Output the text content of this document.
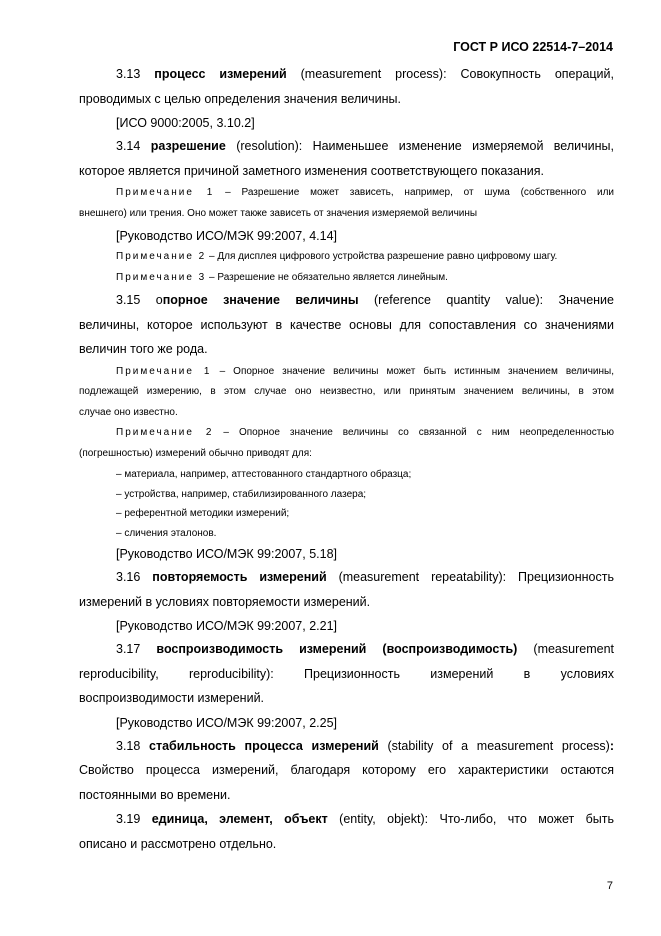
ГОСТ Р ИСО 22514-7–2014
3.13 процесс измерений (measurement process): Совокупность операций,
проводимых с целью определения значения величины.
[ИСО 9000:2005, 3.10.2]
3.14 разрешение (resolution): Наименьшее изменение измеряемой величины,
которое является причиной заметного изменения соответствующего показания.
Примечание 1 – Разрешение может зависеть, например, от шума (собственного или
внешнего) или трения. Оно может также зависеть от значения измеряемой величины
[Руководство ИСО/МЭК 99:2007, 4.14]
Примечание 2 – Для дисплея цифрового устройства разрешение равно цифровому шагу.
Примечание 3 – Разрешение не обязательно является линейным.
3.15 опорное значение величины (reference quantity value): Значение
величины, которое используют в качестве основы для сопоставления со значениями
величин того же рода.
Примечание 1 – Опорное значение величины может быть истинным значением величины,
подлежащей измерению, в этом случае оно неизвестно, или принятым значением величины, в этом
случае оно известно.
Примечание 2 – Опорное значение величины со связанной с ним неопределенностью
(погрешностью) измерений обычно приводят для:
– материала, например, аттестованного стандартного образца;
– устройства, например, стабилизированного лазера;
– референтной методики измерений;
– сличения эталонов.
[Руководство ИСО/МЭК 99:2007, 5.18]
3.16 повторяемость измерений (measurement repeatability): Прецизионность
измерений в условиях повторяемости измерений.
[Руководство ИСО/МЭК 99:2007, 2.21]
3.17 воспроизводимость измерений (воспроизводимость) (measurement
reproducibility,        reproducibility):        Прецизионность        измерений        в        условиях
воспроизводимости измерений.
[Руководство ИСО/МЭК 99:2007, 2.25]
3.18 стабильность процесса измерений (stability of a measurement process):
Свойство процесса измерений, благодаря которому его характеристики остаются
постоянными во времени.
3.19 единица, элемент, объект (entity, objekt): Что-либо, что может быть
описано и рассмотрено отдельно.
7
